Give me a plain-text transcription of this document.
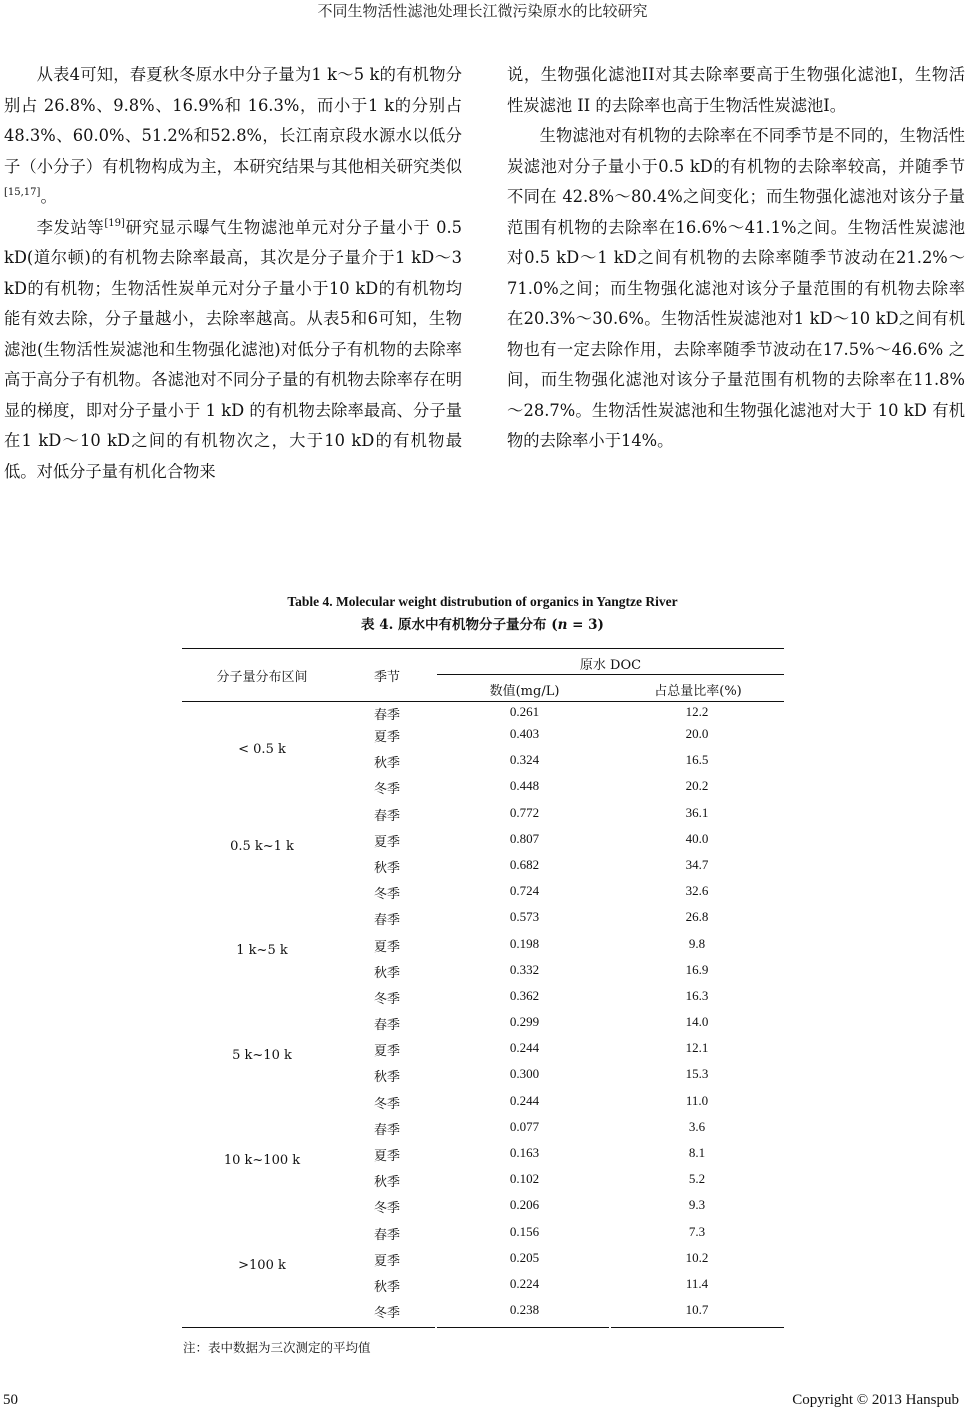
不同生物活性滤池处理长江微污染原水的比较研究

从表4可知，春夏秋冬原水中分子量为1 k～5 k的有机物分别占 26.8%、9.8%、16.9%和 16.3%，而小于1 k的分别占48.3%、60.0%、51.2%和52.8%，长江南京段水源水以低分子（小分子）有机物构成为主，本研究结果与其他相关研究类似[15,17]。

李发站等[19]研究显示曝气生物滤池单元对分子量小于 0.5 kD(道尔顿)的有机物去除率最高，其次是分子量介于1 kD～3 kD的有机物；生物活性炭单元对分子量小于10 kD的有机物均能有效去除，分子量越小，去除率越高。从表5和6可知，生物滤池(生物活性炭滤池和生物强化滤池)对低分子有机物的去除率高于高分子有机物。各滤池对不同分子量的有机物去除率存在明显的梯度，即对分子量小于 1 kD 的有机物去除率最高、分子量在1 kD～10 kD之间的有机物次之，大于10 kD的有机物最低。对低分子量有机化合物来

说，生物强化滤池II对其去除率要高于生物强化滤池I，生物活性炭滤池 II 的去除率也高于生物活性炭滤池I。

生物滤池对有机物的去除率在不同季节是不同的，生物活性炭滤池对分子量小于0.5 kD的有机物的去除率较高，并随季节不同在 42.8%～80.4%之间变化；而生物强化滤池对该分子量范围有机物的去除率在16.6%～41.1%之间。生物活性炭滤池对0.5 kD～1 kD之间有机物的去除率随季节波动在21.2%～71.0%之间；而生物强化滤池对该分子量范围的有机物去除率在20.3%～30.6%。生物活性炭滤池对1 kD～10 kD之间有机物也有一定去除作用，去除率随季节波动在17.5%～46.6% 之间，而生物强化滤池对该分子量范围有机物的去除率在11.8%～28.7%。生物活性炭滤池和生物强化滤池对大于 10 kD 有机物的去除率小于14%。

Table 4. Molecular weight distrubution of organics in Yangtze River
表 4. 原水中有机物分子量分布 (n = 3)
分子量分布区间	季节
原水 DOC
数值(mg/L)	占总量比率(%)
< 0.5 k
春季	0.261	12.2
夏季	0.403	20.0
秋季	0.324	16.5
冬季	0.448	20.2
0.5 k~1 k
春季	0.772	36.1
夏季	0.807	40.0
秋季	0.682	34.7
冬季	0.724	32.6
1 k~5 k
春季	0.573	26.8
夏季	0.198	9.8
秋季	0.332	16.9
冬季	0.362	16.3
5 k~10 k
春季	0.299	14.0
夏季	0.244	12.1
秋季	0.300	15.3
冬季	0.244	11.0
10 k~100 k
春季	0.077	3.6
夏季	0.163	8.1
秋季	0.102	5.2
冬季	0.206	9.3
>100 k
春季	0.156	7.3
夏季	0.205	10.2
秋季	0.224	11.4
冬季	0.238	10.7
注：表中数据为三次测定的平均值
50	Copyright © 2013 Hanspub
